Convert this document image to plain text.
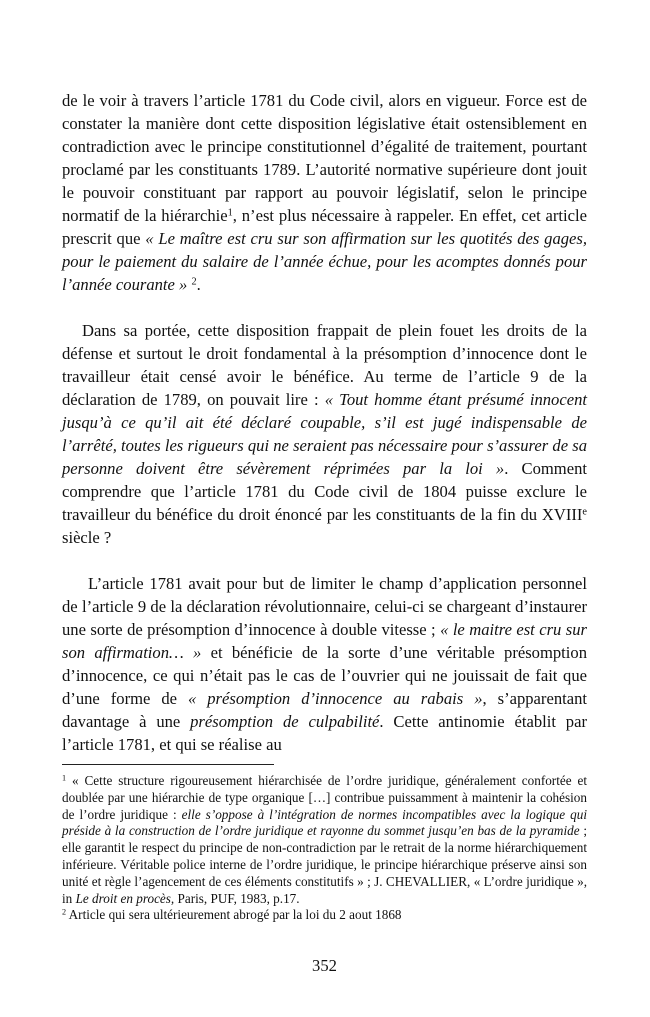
de le voir à travers l’article 1781 du Code civil, alors en vigueur. Force est de constater la manière dont cette disposition législative était ostensiblement en contradiction avec le principe constitutionnel d’égalité de traitement, pourtant proclamé par les constituants 1789. L’autorité normative supérieure dont jouit le pouvoir constituant par rapport au pouvoir législatif, selon le principe normatif de la hiérarchie$^1$, n’est plus nécessaire à rappeler. En effet, cet article prescrit que « Le maître est cru sur son affirmation sur les quotités des gages, pour le paiement du salaire de l’année échue, pour les acomptes donnés pour l’année courante » $^2$.

Dans sa portée, cette disposition frappait de plein fouet les droits de la défense et surtout le droit fondamental à la présomption d’innocence dont le travailleur était censé avoir le bénéfice. Au terme de l’article 9 de la déclaration de 1789, on pouvait lire : « Tout homme étant présumé innocent jusqu’à ce qu’il ait été déclaré coupable, s’il est jugé indispensable de l’arrêté, toutes les rigueurs qui ne seraient pas nécessaire pour s’assurer de sa personne doivent être sévèrement réprimées par la loi ». Comment comprendre que l’article 1781 du Code civil de 1804 puisse exclure le travailleur du bénéfice du droit énoncé par les constituants de la fin du XVIIIe siècle ?

L’article 1781 avait pour but de limiter le champ d’application personnel de l’article 9 de la déclaration révolutionnaire, celui-ci se chargeant d’instaurer une sorte de présomption d’innocence à double vitesse ; « le maitre est cru sur son affirmation… » et bénéficie de la sorte d’une véritable présomption d’innocence, ce qui n’était pas le cas de l’ouvrier qui ne jouissait de fait que d’une forme de « présomption d’innocence au rabais », s’apparentant davantage à une présomption de culpabilité. Cette antinomie établit par l’article 1781, et qui se réalise au

$^1$ « Cette structure rigoureusement hiérarchisée de l’ordre juridique, généralement confortée et doublée par une hiérarchie de type organique […] contribue puissamment à maintenir la cohésion de l’ordre juridique : elle s’oppose à l’intégration de normes incompatibles avec la logique qui préside à la construction de l’ordre juridique et rayonne du sommet jusqu’en bas de la pyramide ; elle garantit le respect du principe de non-contradiction par le retrait de la norme hiérarchiquement inférieure. Véritable police interne de l’ordre juridique, le principe hiérarchique préserve ainsi son unité et règle l’agencement de ces éléments constitutifs » ; J. CHEVALLIER, « L’ordre juridique », in Le droit en procès, Paris, PUF, 1983, p.17.

$^2$ Article qui sera ultérieurement abrogé par la loi du 2 aout 1868

352
